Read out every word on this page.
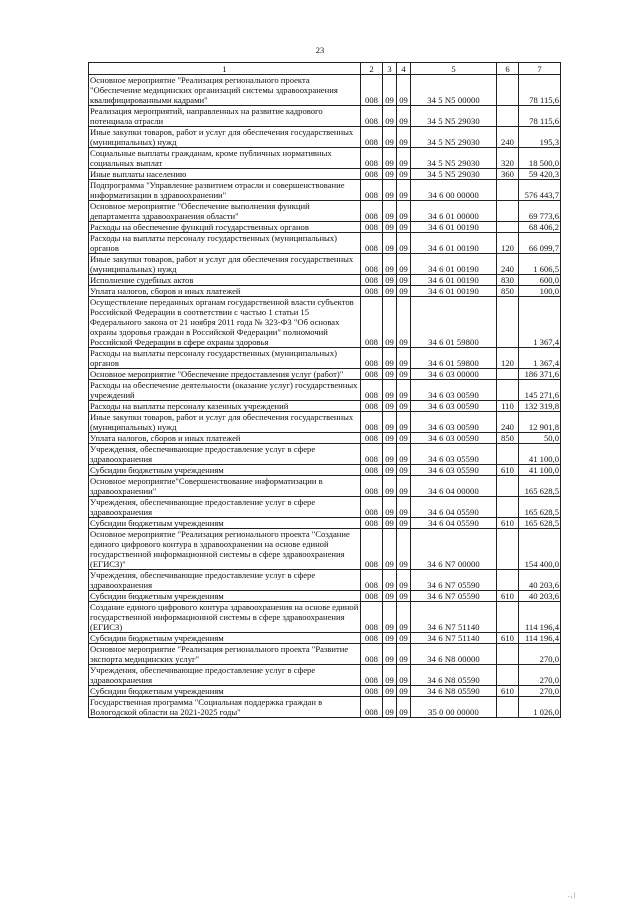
23
1	2	3	4	5	6	7
Основное мероприятие "Реализация регионального проекта "Обеспечение медицинских организаций системы здравоохранения квалифицированными кадрами"	008	09	09	34 5 N5 00000		78 115,6
Реализация мероприятий, направленных на развитие кадрового потенциала отрасли	008	09	09	34 5 N5 29030		78 115,6
Иные закупки товаров, работ и услуг для обеспечения государственных (муниципальных) нужд	008	09	09	34 5 N5 29030	240	195,3
Социальные выплаты гражданам, кроме публичных нормативных социальных выплат	008	09	09	34 5 N5 29030	320	18 500,0
Иные выплаты населению	008	09	09	34 5 N5 29030	360	59 420,3
Подпрограмма "Управление развитием отрасли и совершенствование информатизации в здравоохранении"	008	09	09	34 6 00 00000		576 443,7
Основное мероприятие "Обеспечение выполнения функций департамента здравоохранения области"	008	09	09	34 6 01 00000		69 773,6
Расходы на обеспечение функций государственных органов	008	09	09	34 6 01 00190		68 406,2
Расходы на выплаты персоналу государственных (муниципальных) органов	008	09	09	34 6 01 00190	120	66 099,7
Иные закупки товаров, работ и услуг для обеспечения государственных (муниципальных) нужд	008	09	09	34 6 01 00190	240	1 606,5
Исполнение судебных актов	008	09	09	34 6 01 00190	830	600,0
Уплата налогов, сборов и иных платежей	008	09	09	34 6 01 00190	850	100,0
Осуществление переданных органам государственной власти субъектов Российской Федерации в соответствии с частью 1 статьи 15 Федерального закона от 21 ноября 2011 года № 323-ФЗ "Об основах охраны здоровья граждан в Российской Федерации" полномочий Российской Федерации в сфере охраны здоровья	008	09	09	34 6 01 59800		1 367,4
Расходы на выплаты персоналу государственных (муниципальных) органов	008	09	09	34 6 01 59800	120	1 367,4
Основное мероприятие "Обеспечение предоставления услуг (работ)"	008	09	09	34 6 03 00000		186 371,6
Расходы на обеспечение деятельности (оказание услуг) государственных учреждений	008	09	09	34 6 03 00590		145 271,6
Расходы на выплаты персоналу казенных учреждений	008	09	09	34 6 03 00590	110	132 319,8
Иные закупки товаров, работ и услуг для обеспечения государственных (муниципальных) нужд	008	09	09	34 6 03 00590	240	12 901,8
Уплата налогов, сборов и иных платежей	008	09	09	34 6 03 00590	850	50,0
Учреждения, обеспечивающие предоставление услуг в сфере здравоохранения	008	09	09	34 6 03 05590		41 100,0
Субсидии бюджетным учреждениям	008	09	09	34 6 03 05590	610	41 100,0
Основное мероприятие"Совершенствование информатизации в здравоохранении"	008	09	09	34 6 04 00000		165 628,5
Учреждения, обеспечивающие предоставление услуг в сфере здравоохранения	008	09	09	34 6 04 05590		165 628,5
Субсидии бюджетным учреждениям	008	09	09	34 6 04 05590	610	165 628,5
Основное мероприятие "Реализация регионального проекта "Создание единого цифрового контура в здравоохранении на основе единой государственной информационной системы в сфере здравоохранения (ЕГИСЗ)"	008	09	09	34 6 N7 00000		154 400,0
Учреждения, обеспечивающие предоставление услуг в сфере здравоохранения	008	09	09	34 6 N7 05590		40 203,6
Субсидии бюджетным учреждениям	008	09	09	34 6 N7 05590	610	40 203,6
Создание единого цифрового контура здравоохранения на основе единой государственной информационной системы в сфере здравоохранения (ЕГИСЗ)	008	09	09	34 6 N7 51140		114 196,4
Субсидии бюджетным учреждениям	008	09	09	34 6 N7 51140	610	114 196,4
Основное мероприятие "Реализация регионального проекта "Развитие экспорта медицинских услуг"	008	09	09	34 6 N8 00000		270,0
Учреждения, обеспечивающие предоставление услуг в сфере здравоохранения	008	09	09	34 6 N8 05590		270,0
Субсидии бюджетным учреждениям	008	09	09	34 6 N8 05590	610	270,0
Государственная программа "Социальная поддержка граждан в Вологодской области на 2021-2025 годы"	008	09	09	35 0 00 00000		1 026,0
. , |
